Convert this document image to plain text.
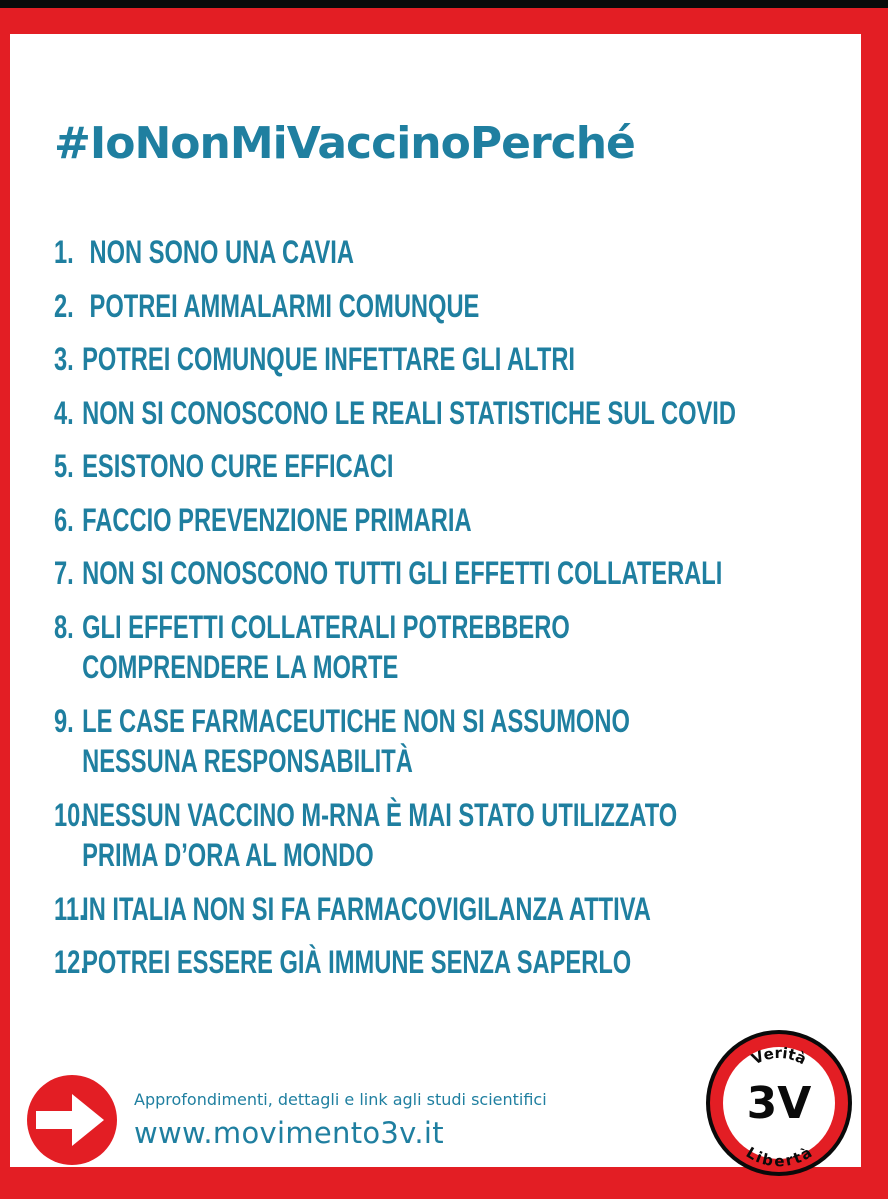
#IoNonMiVaccinoPerché
1. NON SONO UNA CAVIA
2. POTREI AMMALARMI COMUNQUE
3. POTREI COMUNQUE INFETTARE GLI ALTRI
4. NON SI CONOSCONO LE REALI STATISTICHE SUL COVID
5. ESISTONO CURE EFFICACI
6. FACCIO PREVENZIONE PRIMARIA
7. NON SI CONOSCONO TUTTI GLI EFFETTI COLLATERALI
8. GLI EFFETTI COLLATERALI POTREBBERO
COMPRENDERE LA MORTE
9. LE CASE FARMACEUTICHE NON SI ASSUMONO
NESSUNA RESPONSABILITÀ
10.
NESSUN VACCINO M-RNA È MAI STATO UTILIZZATO
PRIMA D’ORA AL MONDO
11.
IN ITALIA NON SI FA FARMACOVIGILANZA ATTIVA
12.
POTREI ESSERE GIÀ IMMUNE SENZA SAPERLO

Approfondimenti, dettagli e link agli studi scientifici

www.movimento3v.it
Verità
3V
Libertà
